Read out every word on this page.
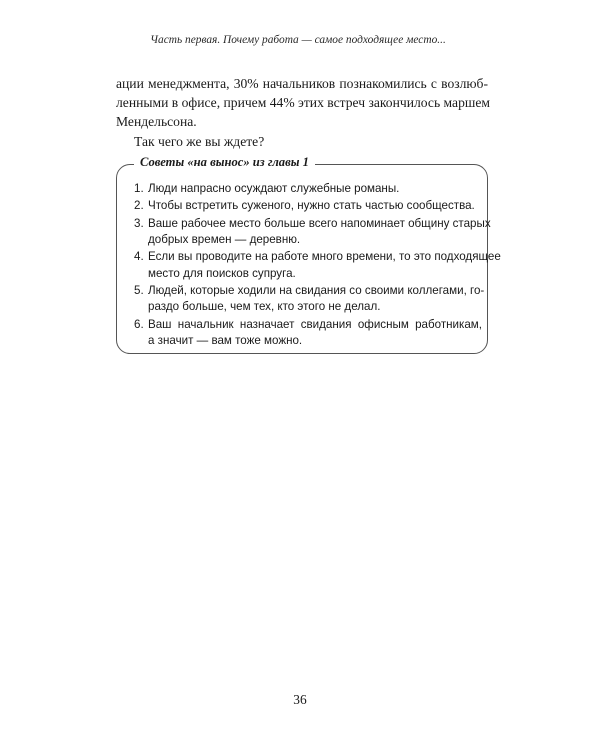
Часть первая. Почему работа — самое подходящее место...

ации менеджмента, 30% начальников познакомились с возлюб-
ленными в офисе, причем 44% этих встреч закончилось маршем
Мендельсона.

Так чего же вы ждете?

Советы «на вынос» из главы 1
1. Люди напрасно осуждают служебные романы.
2. Чтобы встретить суженого, нужно стать частью сообщества.
3. Ваше рабочее место больше всего напоминает общину старых
добрых времен — деревню.
4. Если вы проводите на работе много времени, то это подходящее
место для поисков супруга.
5. Людей, которые ходили на свидания со своими коллегами, го-
раздо больше, чем тех, кто этого не делал.
6. Ваш начальник назначает свидания офисным работникам,
а значит — вам тоже можно.
36
